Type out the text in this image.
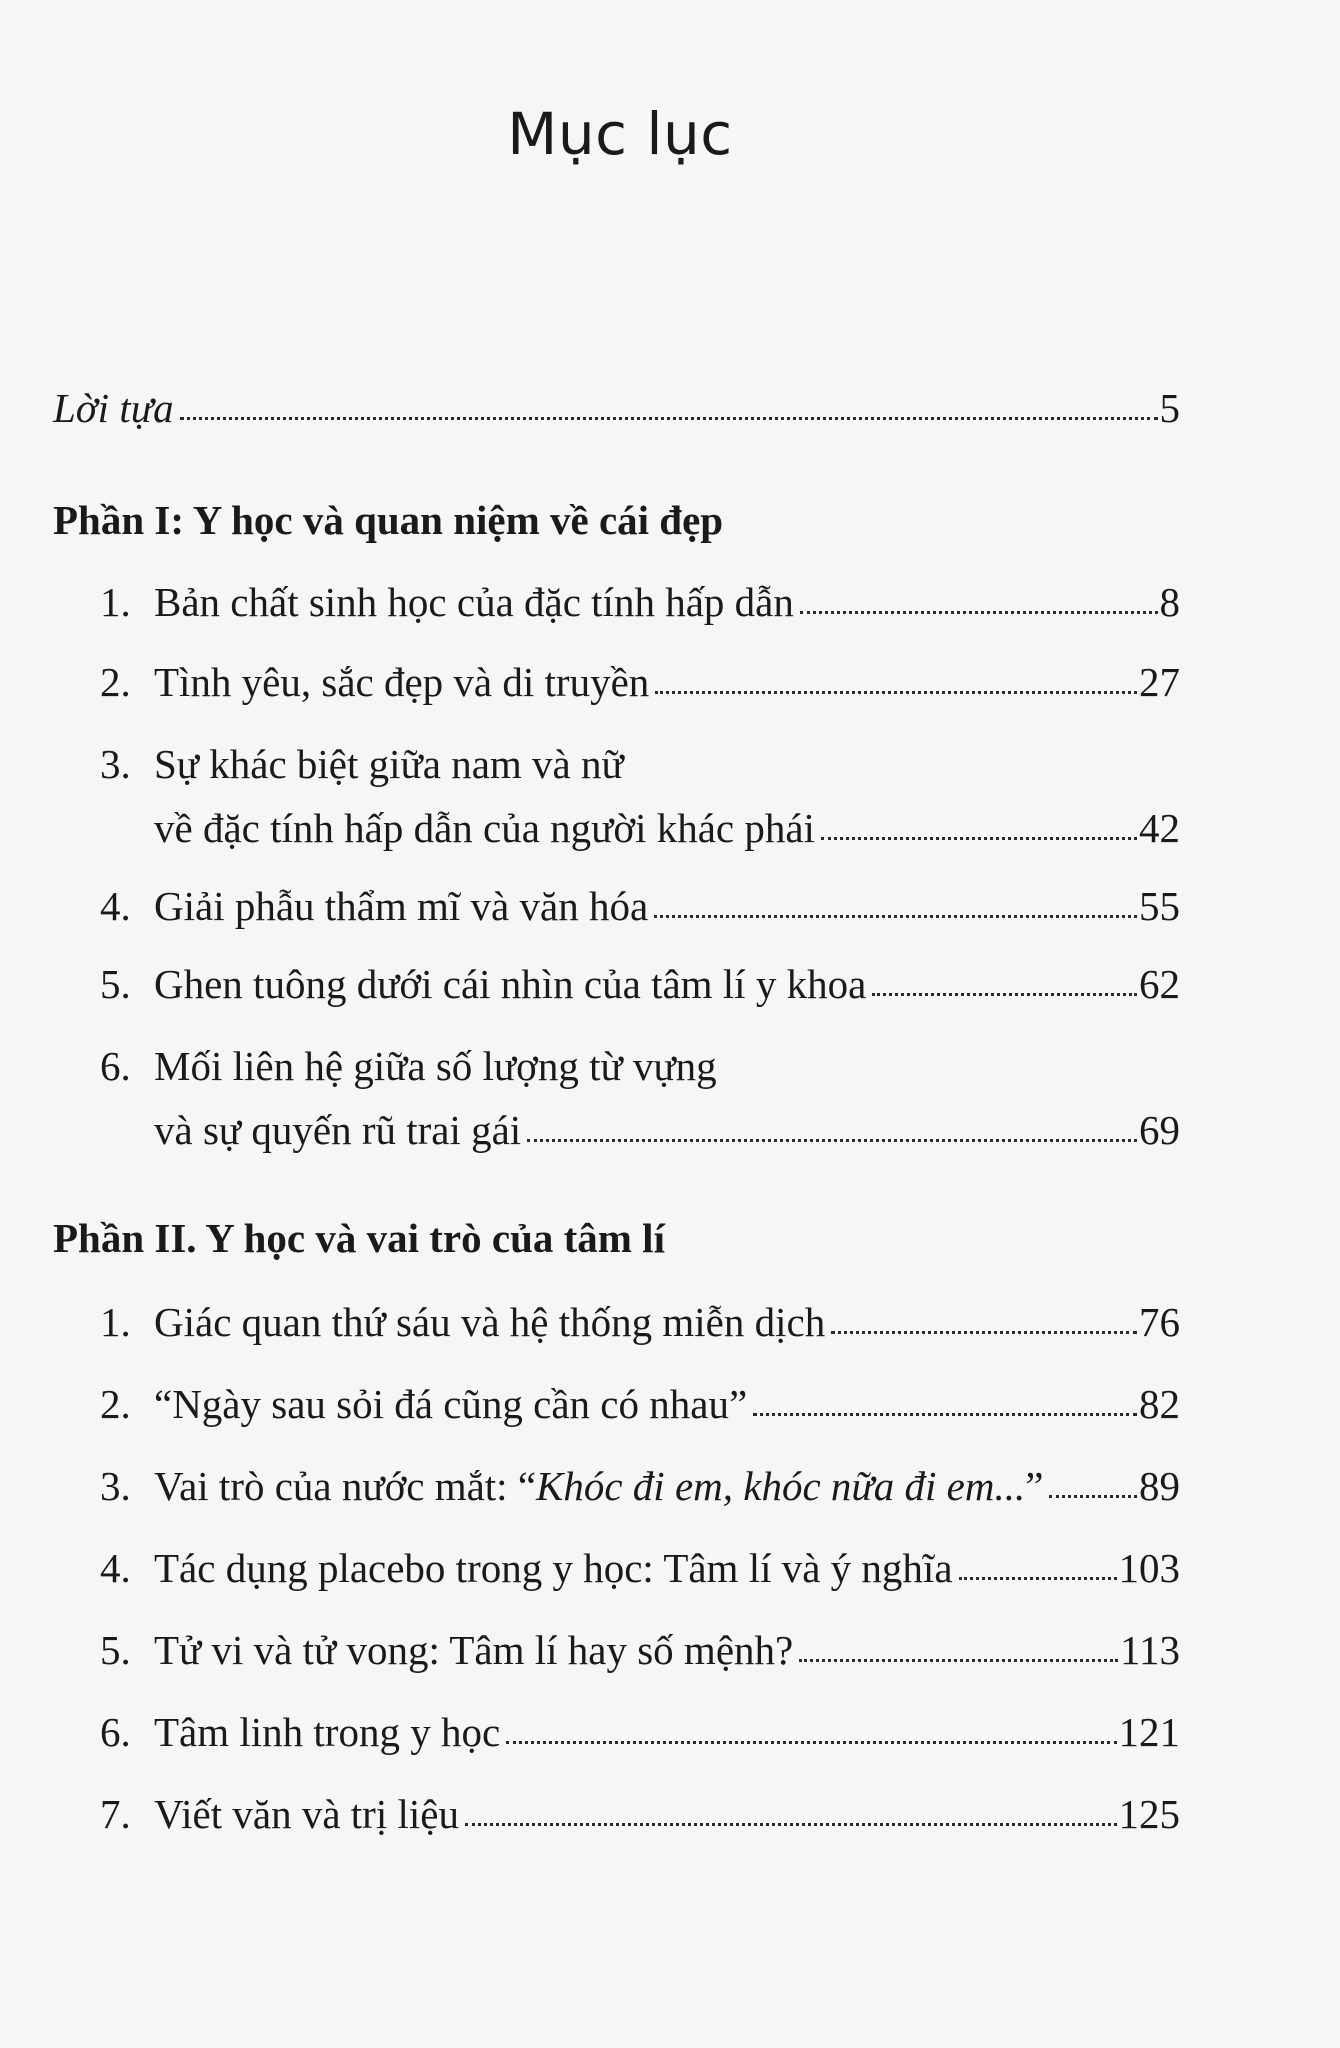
Mục lục
Lời tựa	5
Phần I: Y học và quan niệm về cái đẹp
1. Bản chất sinh học của đặc tính hấp dẫn	8
2. Tình yêu, sắc đẹp và di truyền	27
3. Sự khác biệt giữa nam và nữ
về đặc tính hấp dẫn của người khác phái	42
4. Giải phẫu thẩm mĩ và văn hóa	55
5. Ghen tuông dưới cái nhìn của tâm lí y khoa	62
6. Mối liên hệ giữa số lượng từ vựng
và sự quyến rũ trai gái	69
Phần II. Y học và vai trò của tâm lí
1. Giác quan thứ sáu và hệ thống miễn dịch	76
2. “Ngày sau sỏi đá cũng cần có nhau”	82
3. Vai trò của nước mắt: “Khóc đi em, khóc nữa đi em...” 89
4. Tác dụng placebo trong y học: Tâm lí và ý nghĩa	103
5. Tử vi và tử vong: Tâm lí hay số mệnh?	113
6. Tâm linh trong y học	121
7. Viết văn và trị liệu	125
